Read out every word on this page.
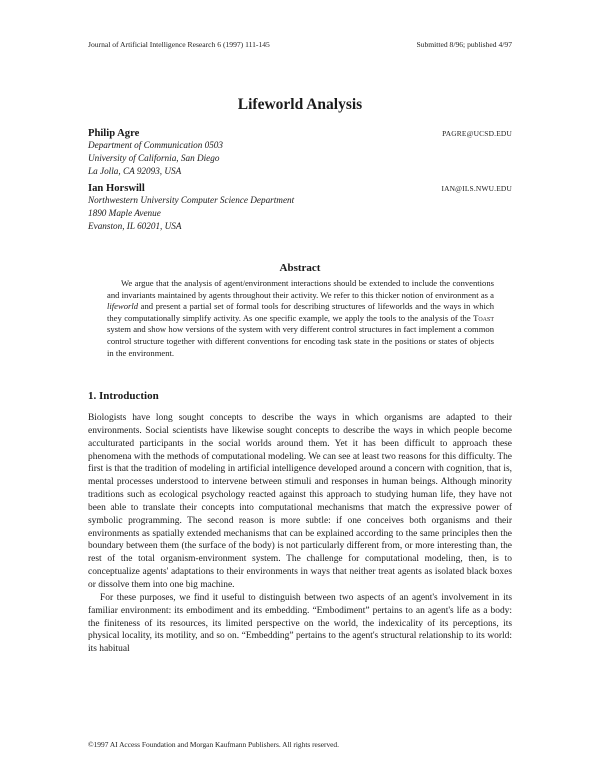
Journal of Artificial Intelligence Research 6 (1997) 111-145	Submitted 8/96; published 4/97
Lifeworld Analysis
Philip Agre	PAGRE@UCSD.EDU
Department of Communication 0503
University of California, San Diego
La Jolla, CA 92093, USA
Ian Horswill	IAN@ILS.NWU.EDU
Northwestern University Computer Science Department
1890 Maple Avenue
Evanston, IL 60201, USA
Abstract

We argue that the analysis of agent/environment interactions should be extended to include the conventions and invariants maintained by agents throughout their activity. We refer to this thicker notion of environment as a lifeworld and present a partial set of formal tools for describing structures of lifeworlds and the ways in which they computationally simplify activity. As one specific example, we apply the tools to the analysis of the Toast system and show how versions of the system with very different control structures in fact implement a common control structure together with different conventions for encoding task state in the positions or states of objects in the environment.

1. Introduction

Biologists have long sought concepts to describe the ways in which organisms are adapted to their environments. Social scientists have likewise sought concepts to describe the ways in which people become acculturated participants in the social worlds around them. Yet it has been difficult to approach these phenomena with the methods of computational modeling. We can see at least two reasons for this difficulty. The first is that the tradition of modeling in artificial intelligence developed around a concern with cognition, that is, mental processes understood to intervene between stimuli and responses in human beings. Although minority traditions such as ecological psychology reacted against this approach to studying human life, they have not been able to translate their concepts into computational mechanisms that match the expressive power of symbolic programming. The second reason is more subtle: if one conceives both organisms and their environments as spatially extended mechanisms that can be explained according to the same principles then the boundary between them (the surface of the body) is not particularly different from, or more interesting than, the rest of the total organism-environment system. The challenge for computational modeling, then, is to conceptualize agents' adaptations to their environments in ways that neither treat agents as isolated black boxes or dissolve them into one big machine.

For these purposes, we find it useful to distinguish between two aspects of an agent's involvement in its familiar environment: its embodiment and its embedding. “Embodiment” pertains to an agent's life as a body: the finiteness of its resources, its limited perspective on the world, the indexicality of its perceptions, its physical locality, its motility, and so on. “Embedding” pertains to the agent's structural relationship to its world: its habitual

©1997 AI Access Foundation and Morgan Kaufmann Publishers. All rights reserved.
